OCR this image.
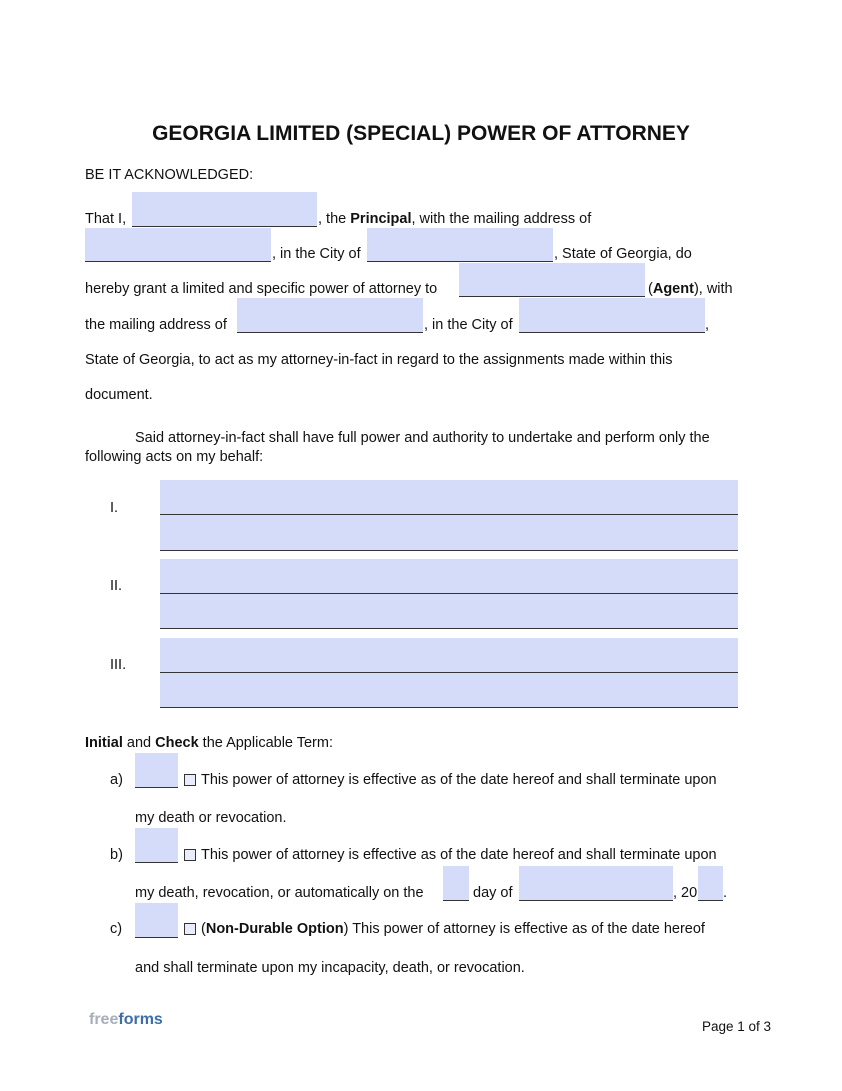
GEORGIA LIMITED (SPECIAL) POWER OF ATTORNEY
BE IT ACKNOWLEDGED:
That I,	, the Principal, with the mailing address of
, in the City of	, State of Georgia, do
hereby grant a limited and specific power of attorney to	(Agent), with
the mailing address of	, in the City of	,
State of Georgia, to act as my attorney-in-fact in regard to the assignments made within this
document.
Said attorney-in-fact shall have full power and authority to undertake and perform only the
following acts on my behalf:
I.
II.
III.
Initial and Check the Applicable Term:
a)	This power of attorney is effective as of the date hereof and shall terminate upon
my death or revocation.
b)	This power of attorney is effective as of the date hereof and shall terminate upon
my death, revocation, or automatically on the	day of	, 20 .
c)	(Non-Durable Option) This power of attorney is effective as of the date hereof
and shall terminate upon my incapacity, death, or revocation.
freeforms	Page 1 of 3
